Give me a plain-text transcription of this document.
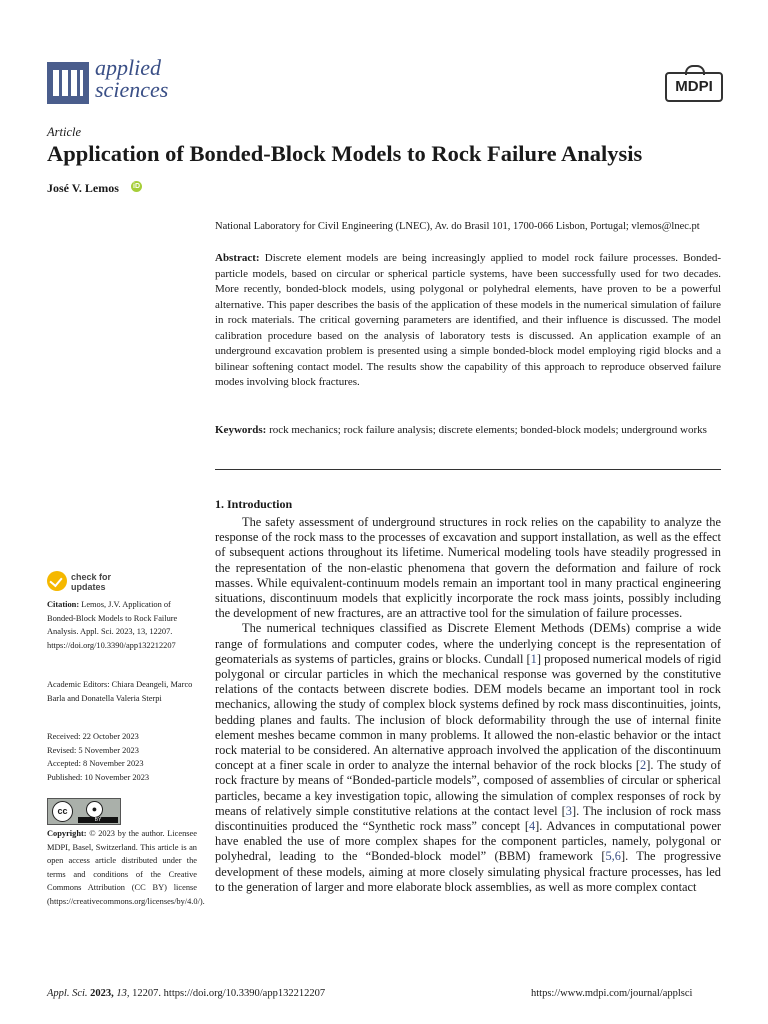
applied
sciences	MDPI
Article
Application of Bonded-Block Models to Rock Failure Analysis
José V. Lemos iD
National Laboratory for Civil Engineering (LNEC), Av. do Brasil 101, 1700-066 Lisbon, Portugal; vlemos@lnec.pt
Abstract: Discrete element models are being increasingly applied to model rock failure processes. Bonded-particle models, based on circular or spherical particle systems, have been successfully used for two decades. More recently, bonded-block models, using polygonal or polyhedral elements, have proven to be a powerful alternative. This paper describes the basis of the application of these models in the numerical simulation of failure in rock materials. The critical governing parameters are identified, and their influence is discussed. The model calibration procedure based on the analysis of laboratory tests is discussed. An application example of an underground excavation problem is presented using a simple bonded-block model employing rigid blocks and a bilinear softening contact model. The results show the capability of this approach to reproduce observed failure modes involving block fractures.
Keywords: rock mechanics; rock failure analysis; discrete elements; bonded-block models; underground works
1. Introduction

The safety assessment of underground structures in rock relies on the capability to analyze the response of the rock mass to the processes of excavation and support installation, as well as the effect of subsequent actions throughout its lifetime. Numerical modeling tools have steadily progressed in the representation of the non-elastic phenomena that govern the deformation and failure of rock masses. While equivalent-continuum models remain an important tool in many practical engineering situations, discontinuum models that explicitly incorporate the rock mass joints, possibly including the development of new fractures, are an attractive tool for the simulation of failure processes.

The numerical techniques classified as Discrete Element Methods (DEMs) comprise a wide range of formulations and computer codes, where the underlying concept is the representation of geomaterials as systems of particles, grains or blocks. Cundall [1] proposed numerical models of rigid polygonal or circular particles in which the mechanical response was governed by the constitutive relations of the contacts between discrete bodies. DEM models became an important tool in rock mechanics, allowing the study of complex block systems defined by rock mass discontinuities, joints, bedding planes and faults. The inclusion of block deformability through the use of internal finite element meshes became common in many problems. It allowed the non-elastic behavior or the intact rock material to be considered. An alternative approach involved the application of the discontinuum concept at a finer scale in order to analyze the internal behavior of the rock blocks [2]. The study of rock fracture by means of “Bonded-particle models”, composed of assemblies of circular or spherical particles, became a key investigation topic, allowing the simulation of complex responses of rock by means of relatively simple constitutive relations at the contact level [3]. The inclusion of rock mass discontinuities produced the “Synthetic rock mass” concept [4]. Advances in computational power have enabled the use of more complex shapes for the component particles, namely, polygonal or polyhedral, leading to the “Bonded-block model” (BBM) framework [5,6]. The progressive development of these models, aiming at more closely simulating physical fracture processes, has led to the generation of larger and more elaborate block assemblies, as well as more complex contact

check for updates
Citation: Lemos, J.V. Application of Bonded-Block Models to Rock Failure Analysis. Appl. Sci. 2023, 13, 12207. https://doi.org/10.3390/app132212207
Academic Editors: Chiara Deangeli, Marco Barla and Donatella Valeria Sterpi
Received: 22 October 2023
Revised: 5 November 2023
Accepted: 8 November 2023
Published: 10 November 2023
cc	●
BY
Copyright: © 2023 by the author. Licensee MDPI, Basel, Switzerland. This article is an open access article distributed under the terms and conditions of the Creative Commons Attribution (CC BY) license (https://creativecommons.org/licenses/by/4.0/).
Appl. Sci. 2023, 13, 12207. https://doi.org/10.3390/app132212207	https://www.mdpi.com/journal/applsci
